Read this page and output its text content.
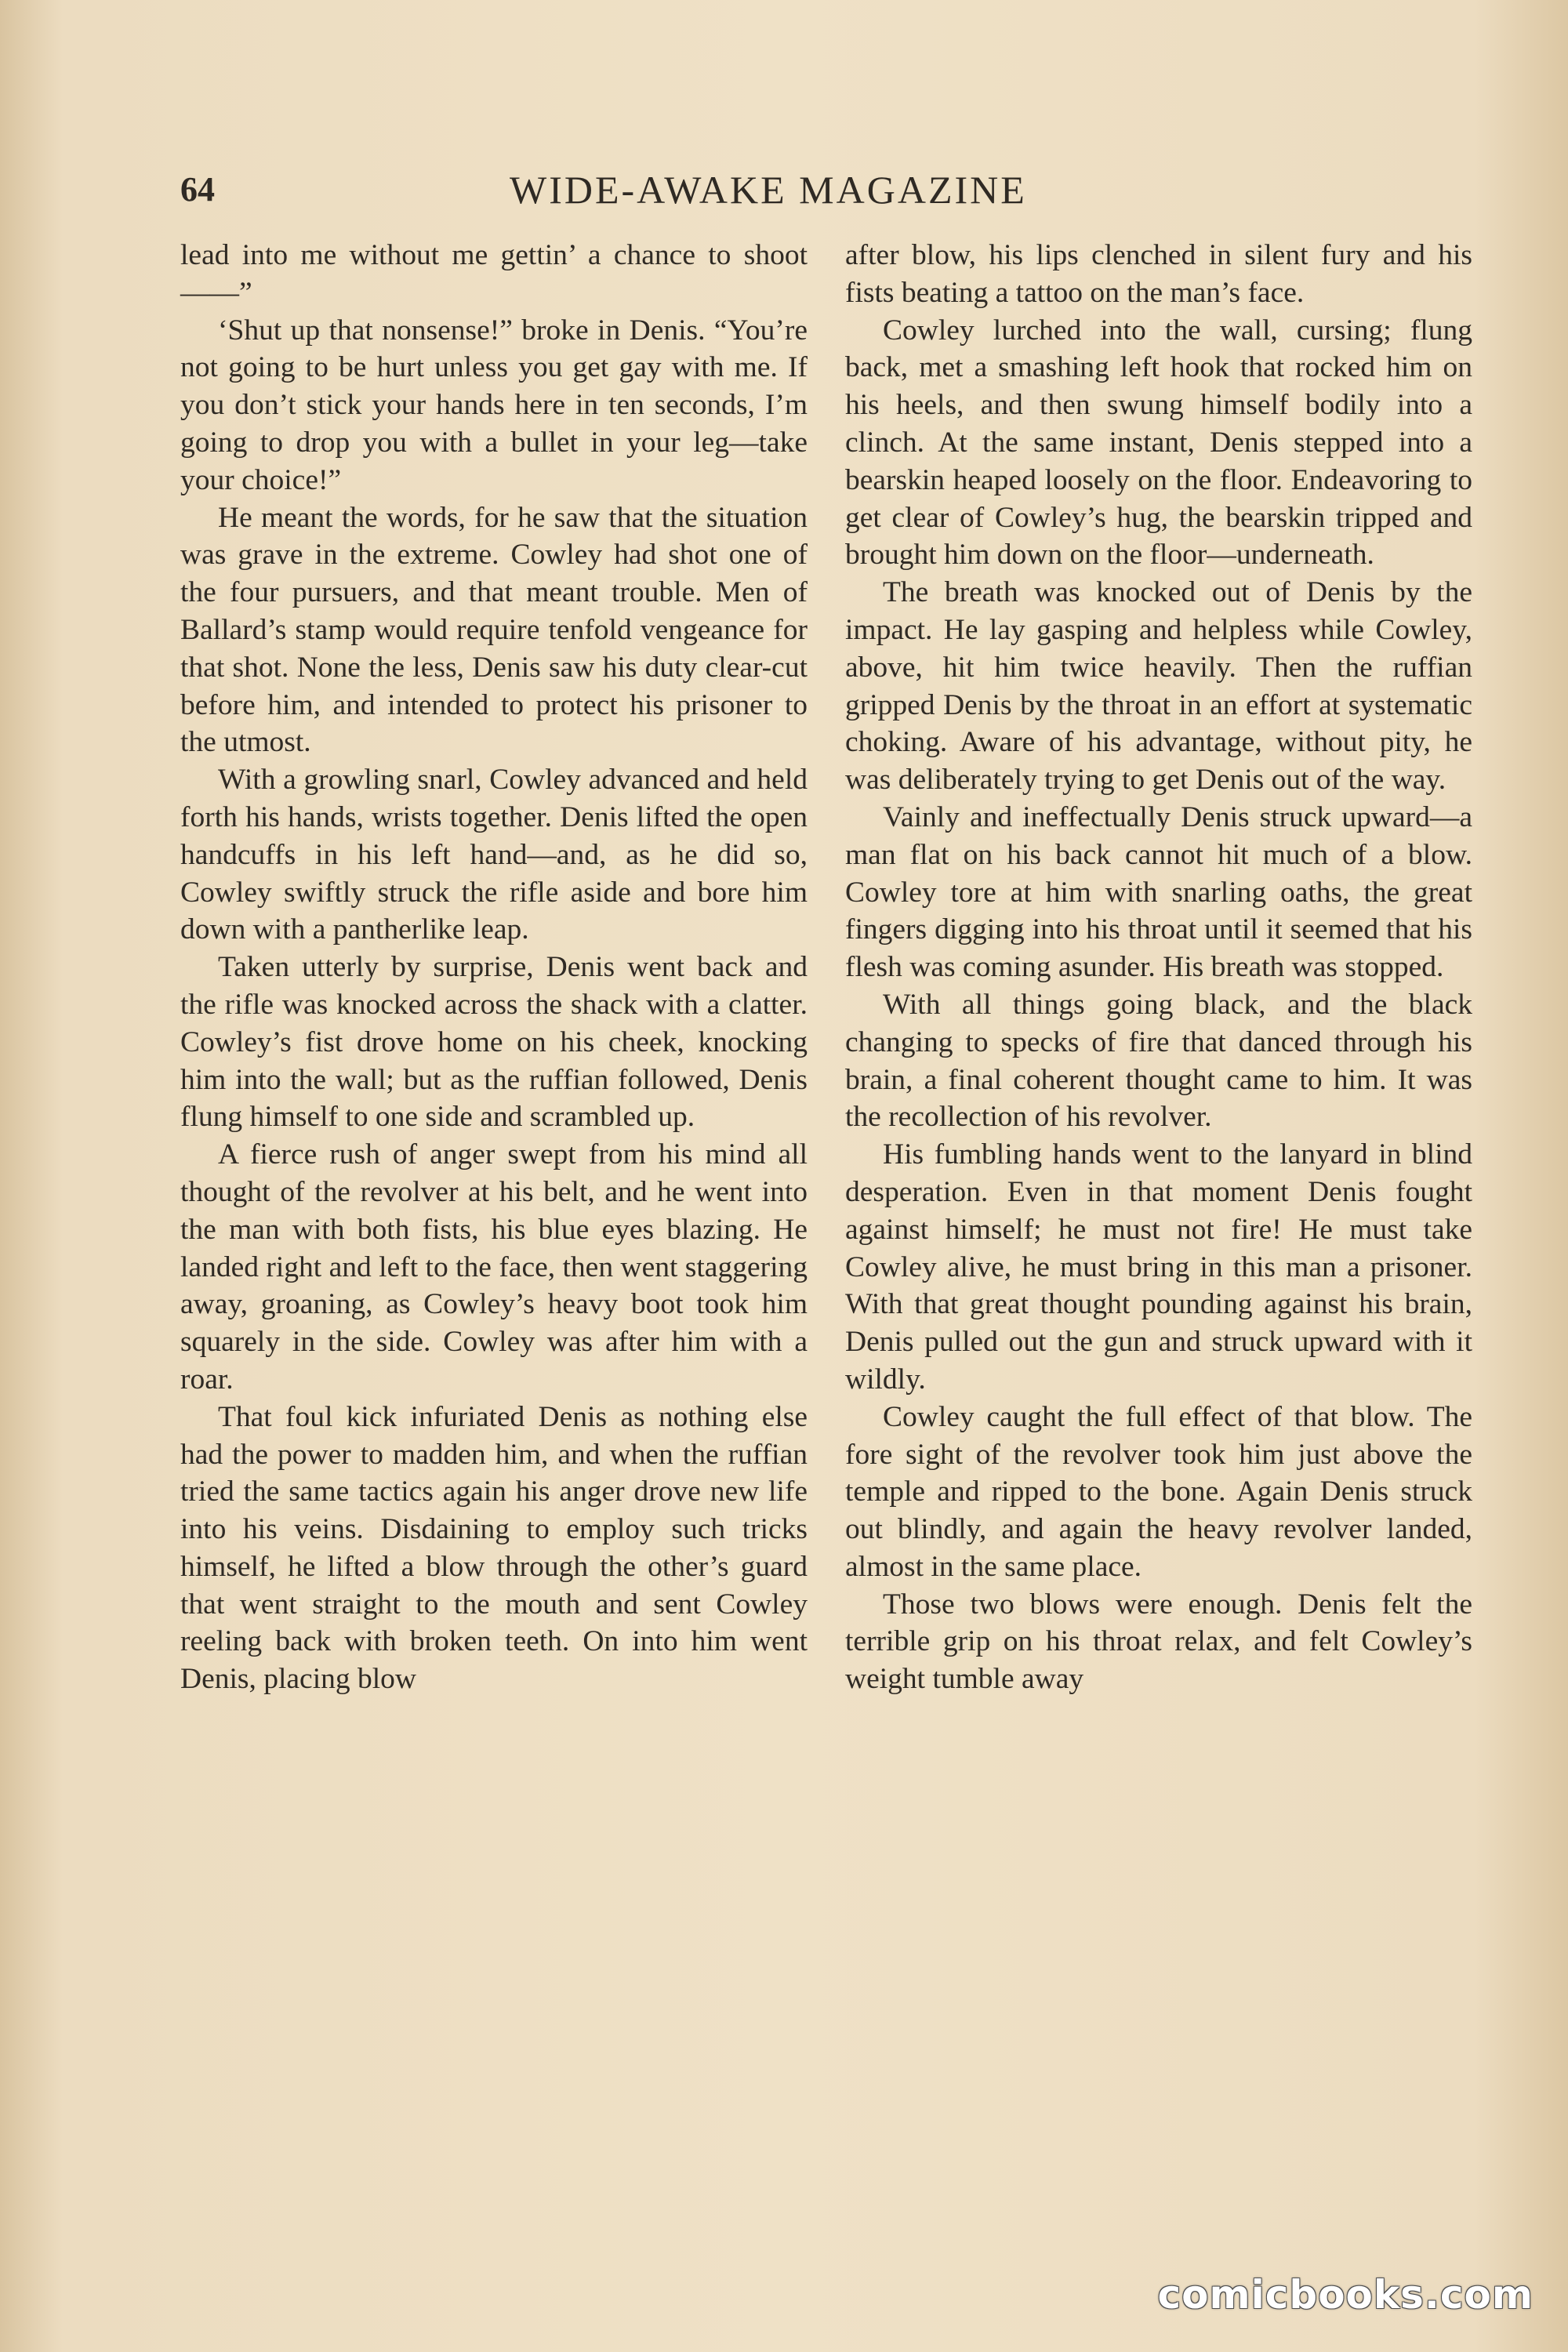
64	WIDE-AWAKE MAGAZINE

lead into me without me gettin’ a chance to shoot——”

‘Shut up that nonsense!” broke in Denis. “You’re not going to be hurt unless you get gay with me. If you don’t stick your hands here in ten seconds, I’m going to drop you with a bullet in your leg—take your choice!”

He meant the words, for he saw that the situation was grave in the extreme. Cowley had shot one of the four pursuers, and that meant trouble. Men of Ballard’s stamp would require tenfold vengeance for that shot. None the less, Denis saw his duty clear-cut before him, and intended to protect his prisoner to the utmost.

With a growling snarl, Cowley advanced and held forth his hands, wrists together. Denis lifted the open handcuffs in his left hand—and, as he did so, Cowley swiftly struck the rifle aside and bore him down with a pantherlike leap.

Taken utterly by surprise, Denis went back and the rifle was knocked across the shack with a clatter. Cowley’s fist drove home on his cheek, knocking him into the wall; but as the ruffian followed, Denis flung himself to one side and scrambled up.

A fierce rush of anger swept from his mind all thought of the revolver at his belt, and he went into the man with both fists, his blue eyes blazing. He landed right and left to the face, then went staggering away, groaning, as Cowley’s heavy boot took him squarely in the side. Cowley was after him with a roar.

That foul kick infuriated Denis as nothing else had the power to madden him, and when the ruffian tried the same tactics again his anger drove new life into his veins. Disdaining to employ such tricks himself, he lifted a blow through the other’s guard that went straight to the mouth and sent Cowley reeling back with broken teeth. On into him went Denis, placing blow

after blow, his lips clenched in silent fury and his fists beating a tattoo on the man’s face.

Cowley lurched into the wall, cursing; flung back, met a smashing left hook that rocked him on his heels, and then swung himself bodily into a clinch. At the same instant, Denis stepped into a bearskin heaped loosely on the floor. Endeavoring to get clear of Cowley’s hug, the bearskin tripped and brought him down on the floor—underneath.

The breath was knocked out of Denis by the impact. He lay gasping and helpless while Cowley, above, hit him twice heavily. Then the ruffian gripped Denis by the throat in an effort at systematic choking. Aware of his advantage, without pity, he was deliberately trying to get Denis out of the way.

Vainly and ineffectually Denis struck upward—a man flat on his back cannot hit much of a blow. Cowley tore at him with snarling oaths, the great fingers digging into his throat until it seemed that his flesh was coming asunder. His breath was stopped.

With all things going black, and the black changing to specks of fire that danced through his brain, a final coherent thought came to him. It was the recollection of his revolver.

His fumbling hands went to the lanyard in blind desperation. Even in that moment Denis fought against himself; he must not fire! He must take Cowley alive, he must bring in this man a prisoner. With that great thought pounding against his brain, Denis pulled out the gun and struck upward with it wildly.

Cowley caught the full effect of that blow. The fore sight of the revolver took him just above the temple and ripped to the bone. Again Denis struck out blindly, and again the heavy revolver landed, almost in the same place.

Those two blows were enough. Denis felt the terrible grip on his throat relax, and felt Cowley’s weight tumble away

comicbooks.com
